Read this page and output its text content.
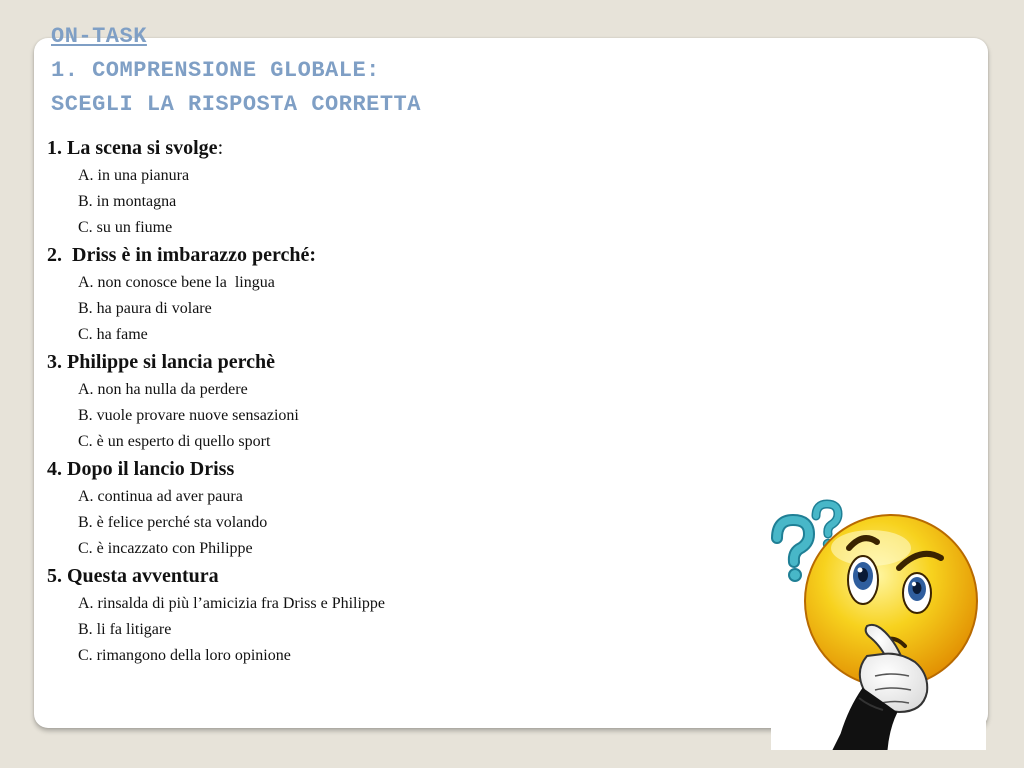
ON-TASK
1. COMPRENSIONE GLOBALE:
SCEGLI LA RISPOSTA CORRETTA
1. La scena si svolge:
A. in una pianura
B. in montagna
C. su un fiume
2.  Driss è in imbarazzo perché:
A. non conosce bene la  lingua
B. ha paura di volare
C. ha fame
3. Philippe si lancia perchè
A. non ha nulla da perdere
B. vuole provare nuove sensazioni
C. è un esperto di quello sport
4. Dopo il lancio Driss
A. continua ad aver paura
B. è felice perché sta volando
C. è incazzato con Philippe
5. Questa avventura
A. rinsalda di più l’amicizia fra Driss e Philippe
B. li fa litigare
C. rimangono della loro opinione
